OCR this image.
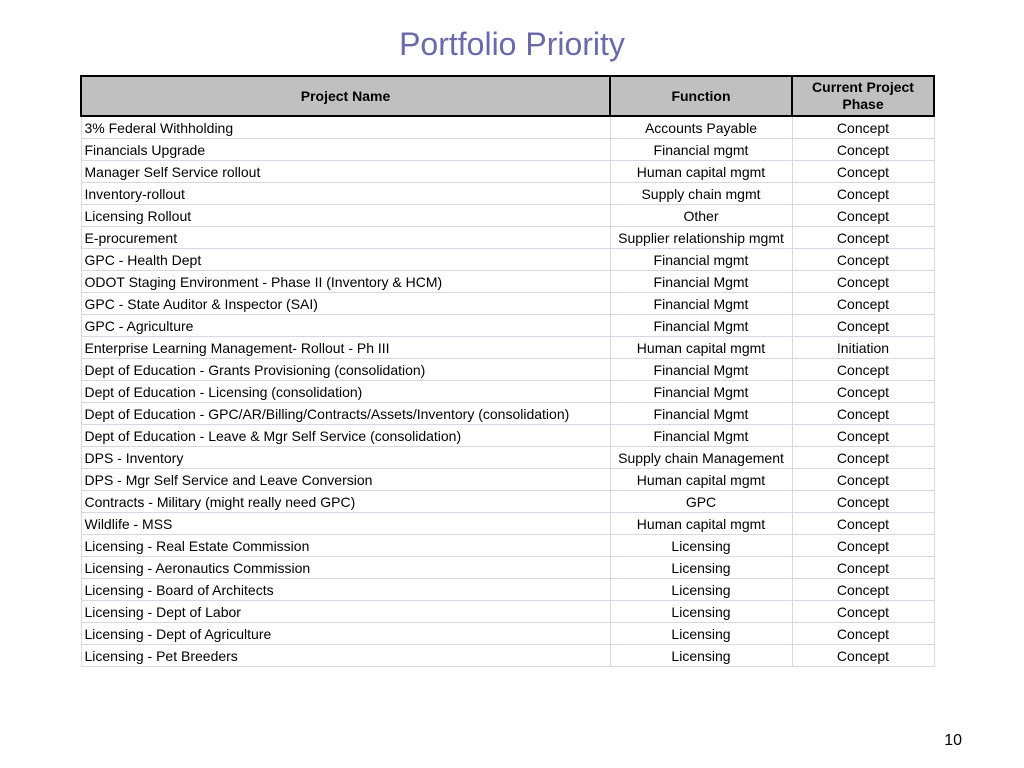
Portfolio Priority
Project Name	Function	Current Project Phase
3% Federal Withholding	Accounts Payable	Concept
Financials Upgrade	Financial mgmt	Concept
Manager Self Service rollout	Human capital mgmt	Concept
Inventory-rollout	Supply chain mgmt	Concept
Licensing Rollout	Other	Concept
E-procurement	Supplier relationship mgmt	Concept
GPC - Health Dept	Financial mgmt	Concept
ODOT Staging Environment - Phase II (Inventory & HCM)	Financial Mgmt	Concept
GPC - State Auditor & Inspector (SAI)	Financial Mgmt	Concept
GPC - Agriculture	Financial Mgmt	Concept
Enterprise Learning Management- Rollout - Ph III	Human capital mgmt	Initiation
Dept of Education - Grants Provisioning (consolidation)	Financial Mgmt	Concept
Dept of Education - Licensing (consolidation)	Financial Mgmt	Concept
Dept of Education - GPC/AR/Billing/Contracts/Assets/Inventory (consolidation)	Financial Mgmt	Concept
Dept of Education - Leave & Mgr Self Service (consolidation)	Financial Mgmt	Concept
DPS - Inventory	Supply chain Management	Concept
DPS - Mgr Self Service and Leave Conversion	Human capital mgmt	Concept
Contracts - Military (might really need GPC)	GPC	Concept
Wildlife - MSS	Human capital mgmt	Concept
Licensing - Real Estate Commission	Licensing	Concept
Licensing - Aeronautics Commission	Licensing	Concept
Licensing - Board of Architects	Licensing	Concept
Licensing - Dept of Labor	Licensing	Concept
Licensing - Dept of Agriculture	Licensing	Concept
Licensing - Pet Breeders	Licensing	Concept
10
